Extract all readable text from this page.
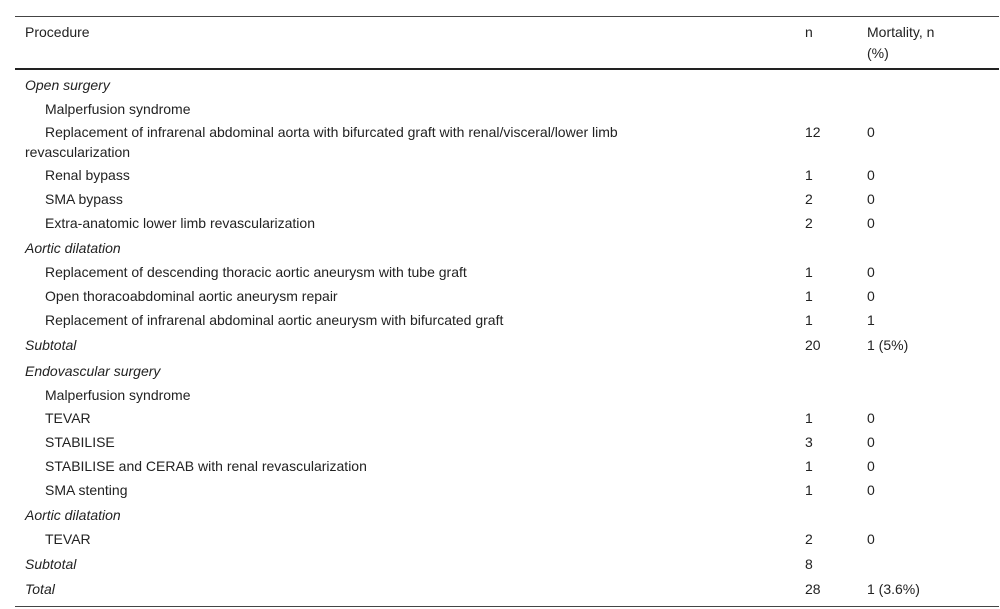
Procedure	n	Mortality, n
(%)
Open surgery
Malperfusion syndrome
Replacement of infrarenal abdominal aorta with bifurcated graft with renal/visceral/lower limb
revascularization
12	0
Renal bypass	1	0
SMA bypass	2	0
Extra-anatomic lower limb revascularization	2	0
Aortic dilatation
Replacement of descending thoracic aortic aneurysm with tube graft	1	0
Open thoracoabdominal aortic aneurysm repair	1	0
Replacement of infrarenal abdominal aortic aneurysm with bifurcated graft	1	1
Subtotal	20	1 (5%)
Endovascular surgery
Malperfusion syndrome
TEVAR	1	0
STABILISE	3	0
STABILISE and CERAB with renal revascularization	1	0
SMA stenting	1	0
Aortic dilatation
TEVAR	2	0
Subtotal	8
Total	28	1 (3.6%)
